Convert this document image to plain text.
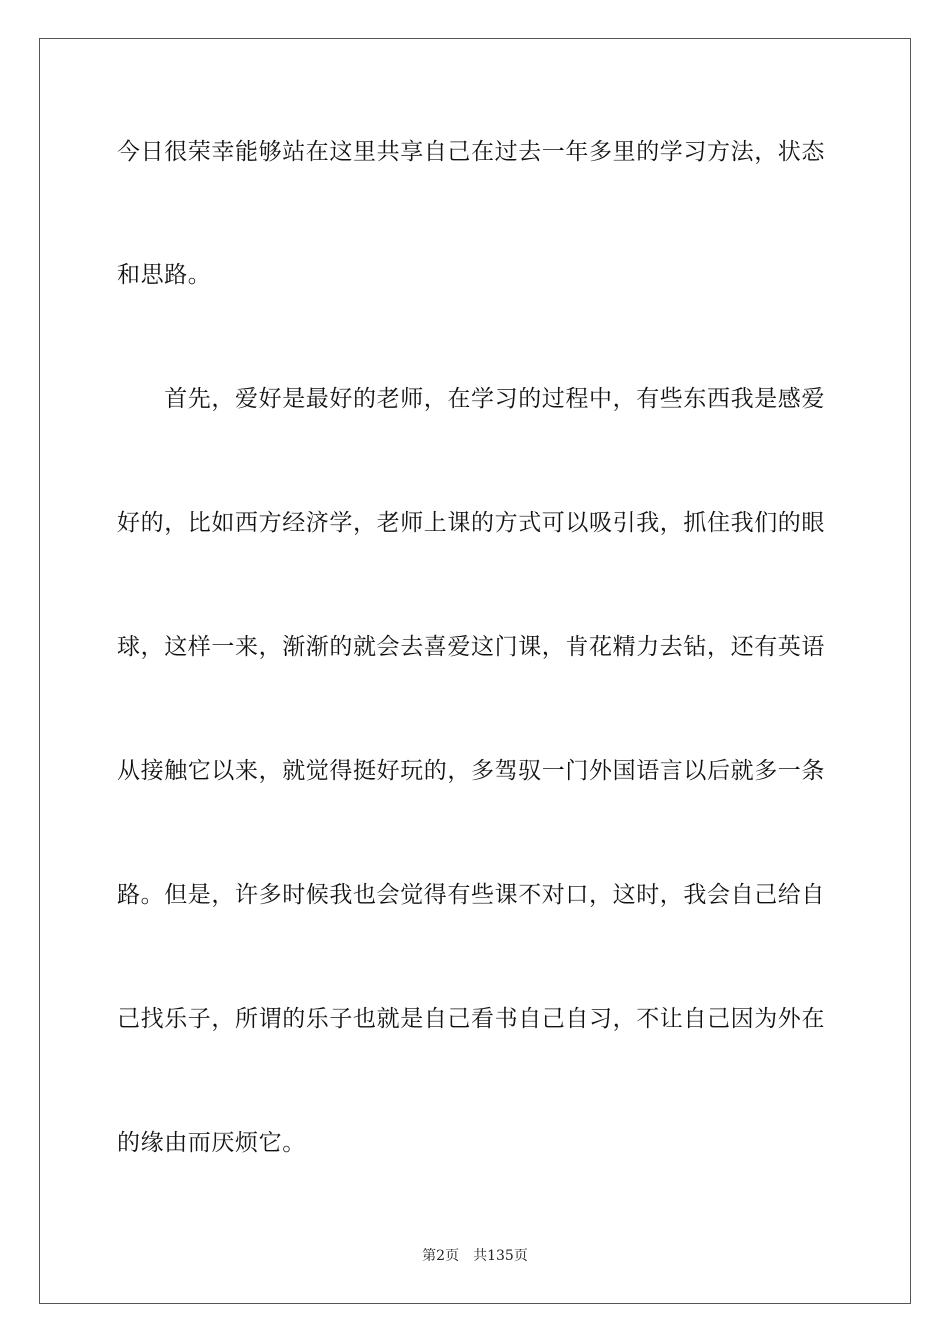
今日很荣幸能够站在这里共享自己在过去一年多里的学习方法，状态
和思路。
　　首先，爱好是最好的老师，在学习的过程中，有些东西我是感爱
好的，比如西方经济学，老师上课的方式可以吸引我，抓住我们的眼
球，这样一来，渐渐的就会去喜爱这门课，肯花精力去钻，还有英语
从接触它以来，就觉得挺好玩的，多驾驭一门外国语言以后就多一条
路。但是，许多时候我也会觉得有些课不对口，这时，我会自己给自
己找乐子，所谓的乐子也就是自己看书自己自习，不让自己因为外在
的缘由而厌烦它。
第2页 共135页
